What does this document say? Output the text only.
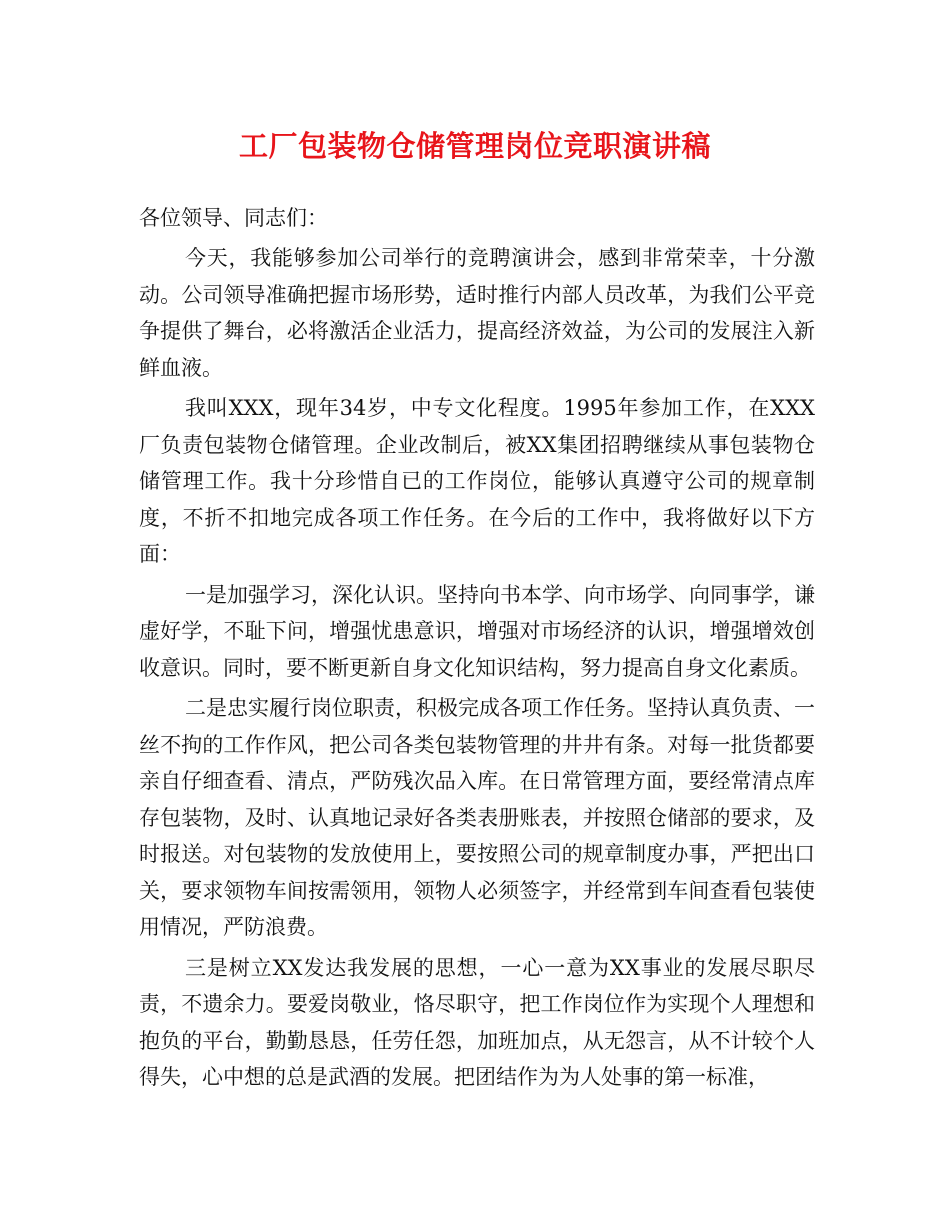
工厂包装物仓储管理岗位竞职演讲稿

各位领导、同志们：

今天，我能够参加公司举行的竞聘演讲会，感到非常荣幸，十分激动。公司领导准确把握市场形势，适时推行内部人员改革，为我们公平竞争提供了舞台，必将激活企业活力，提高经济效益，为公司的发展注入新鲜血液。

我叫XXX，现年34岁，中专文化程度。1995年参加工作，在XXX厂负责包装物仓储管理。企业改制后，被XX集团招聘继续从事包装物仓储管理工作。我十分珍惜自已的工作岗位，能够认真遵守公司的规章制度，不折不扣地完成各项工作任务。在今后的工作中，我将做好以下方面：

一是加强学习，深化认识。坚持向书本学、向市场学、向同事学，谦虚好学，不耻下问，增强忧患意识，增强对市场经济的认识，增强增效创收意识。同时，要不断更新自身文化知识结构，努力提高自身文化素质。

二是忠实履行岗位职责，积极完成各项工作任务。坚持认真负责、一丝不拘的工作作风，把公司各类包装物管理的井井有条。对每一批货都要亲自仔细查看、清点，严防残次品入库。在日常管理方面，要经常清点库存包装物，及时、认真地记录好各类表册账表，并按照仓储部的要求，及时报送。对包装物的发放使用上，要按照公司的规章制度办事，严把出口关，要求领物车间按需领用，领物人必须签字，并经常到车间查看包装使用情况，严防浪费。

三是树立XX发达我发展的思想，一心一意为XX事业的发展尽职尽责，不遗余力。要爱岗敬业，恪尽职守，把工作岗位作为实现个人理想和抱负的平台，勤勤恳恳，任劳任怨，加班加点，从无怨言，从不计较个人得失，心中想的总是武酒的发展。把团结作为为人处事的第一标准，
